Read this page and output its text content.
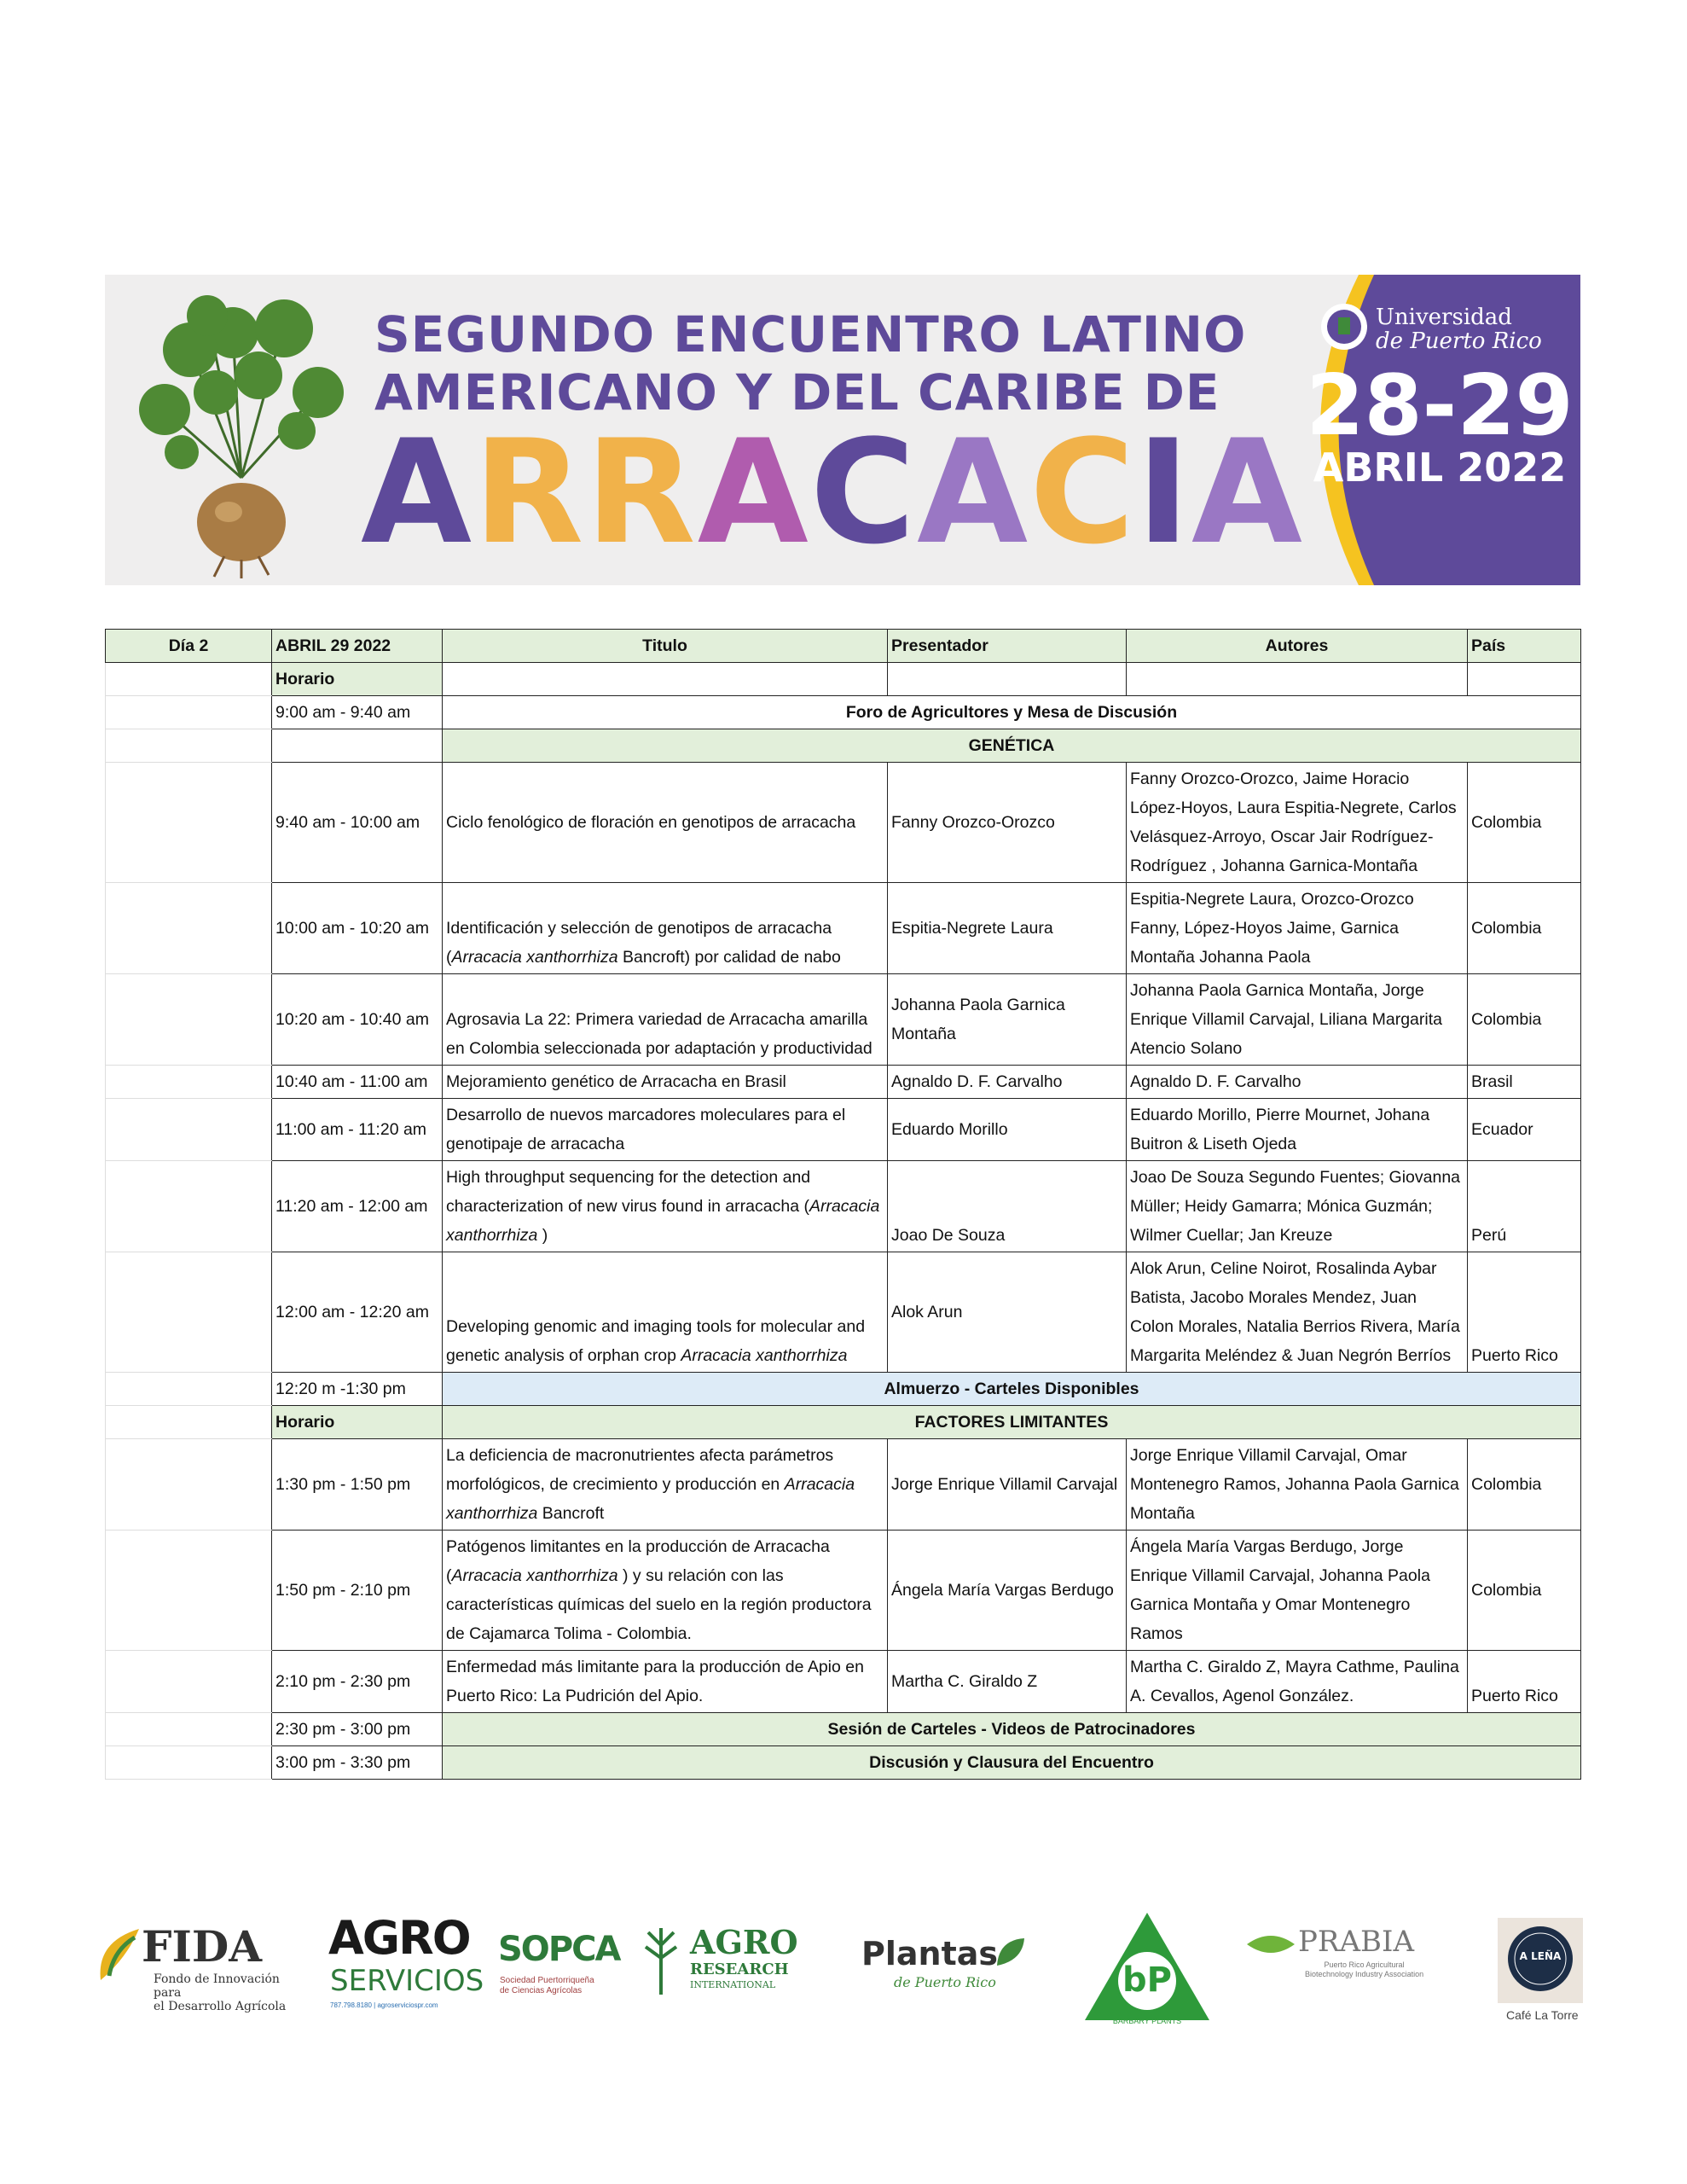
SEGUNDO ENCUENTRO LATINO
AMERICANO Y DEL CARIBE DE
ARRACACIA
Universidad
de Puerto Rico
28-29
ABRIL 2022
Día 2	ABRIL 29 2022	Titulo	Presentador	Autores	País
	Horario				
	9:00 am - 9:40 am	Foro de Agricultores y Mesa de Discusión			
		GENÉTICA			
	9:40 am - 10:00 am	Ciclo fenológico de floración en genotipos de arracacha	Fanny Orozco-Orozco	Fanny Orozco-Orozco, Jaime Horacio López-Hoyos, Laura Espitia-Negrete, Carlos Velásquez-Arroyo, Oscar Jair Rodríguez-Rodríguez , Johanna Garnica-Montaña	Colombia
	10:00 am - 10:20 am	Identificación y selección de genotipos de arracacha (Arracacia xanthorrhiza Bancroft) por calidad de nabo	Espitia-Negrete Laura	Espitia-Negrete Laura, Orozco-Orozco Fanny, López-Hoyos Jaime, Garnica Montaña Johanna Paola	Colombia
	10:20 am - 10:40 am	Agrosavia La 22: Primera variedad de Arracacha amarilla en Colombia seleccionada por adaptación y productividad	Johanna Paola Garnica Montaña	Johanna Paola Garnica Montaña, Jorge Enrique Villamil Carvajal, Liliana Margarita Atencio Solano	Colombia
	10:40 am - 11:00 am	Mejoramiento genético de Arracacha en Brasil	Agnaldo D. F. Carvalho	Agnaldo D. F. Carvalho	Brasil
	11:00 am - 11:20 am	Desarrollo de nuevos marcadores moleculares para el genotipaje de arracacha	Eduardo Morillo	Eduardo Morillo, Pierre Mournet, Johana Buitron & Liseth Ojeda	Ecuador
	11:20 am - 12:00 am	High throughput sequencing for the detection and characterization of new virus found in arracacha (Arracacia xanthorrhiza )	Joao De Souza	Joao De Souza Segundo Fuentes; Giovanna Müller; Heidy Gamarra; Mónica Guzmán; Wilmer Cuellar; Jan Kreuze	Perú
	12:00 am - 12:20 am	Developing genomic and imaging tools for molecular and genetic analysis of orphan crop Arracacia xanthorrhiza	Alok Arun	Alok Arun, Celine Noirot, Rosalinda Aybar Batista, Jacobo Morales Mendez, Juan Colon Morales, Natalia Berrios Rivera, María Margarita Meléndez & Juan Negrón Berríos	Puerto Rico
	12:20 m -1:30 pm	Almuerzo - Carteles Disponibles			
	Horario	FACTORES LIMITANTES			
	1:30 pm - 1:50 pm	La deficiencia de macronutrientes afecta parámetros morfológicos, de crecimiento y producción en Arracacia xanthorrhiza Bancroft	Jorge Enrique Villamil Carvajal	Jorge Enrique Villamil Carvajal, Omar Montenegro Ramos, Johanna Paola Garnica Montaña	Colombia
	1:50 pm - 2:10 pm	Patógenos limitantes en la producción de Arracacha (Arracacia xanthorrhiza ) y su relación con las características químicas del suelo en la región productora de Cajamarca Tolima - Colombia.	Ángela María Vargas Berdugo	Ángela María Vargas Berdugo, Jorge Enrique Villamil Carvajal, Johanna Paola Garnica Montaña y Omar Montenegro Ramos	Colombia
	2:10 pm - 2:30 pm	Enfermedad más limitante para la producción de Apio en Puerto Rico: La Pudrición del Apio.	Martha C. Giraldo Z	Martha C. Giraldo Z, Mayra Cathme, Paulina A. Cevallos, Agenol González.	Puerto Rico
	2:30 pm - 3:00 pm	Sesión de Carteles - Videos de Patrocinadores			
	3:00 pm - 3:30 pm	Discusión y Clausura del Encuentro			
FIDA
Fondo de Innovación para
el Desarrollo Agrícola
AGRO
SERVICIOS
787.798.8180 | agroserviciospr.com
SOPCA
Sociedad Puertorriqueña
de Ciencias Agrícolas
AGRO
RESEARCH
INTERNATIONAL
Plantas
de Puerto Rico	bP
BARBARY PLANTS
PRABIA
Puerto Rico Agricultural
Biotechnology Industry Association
A LEÑA
Café La Torre
